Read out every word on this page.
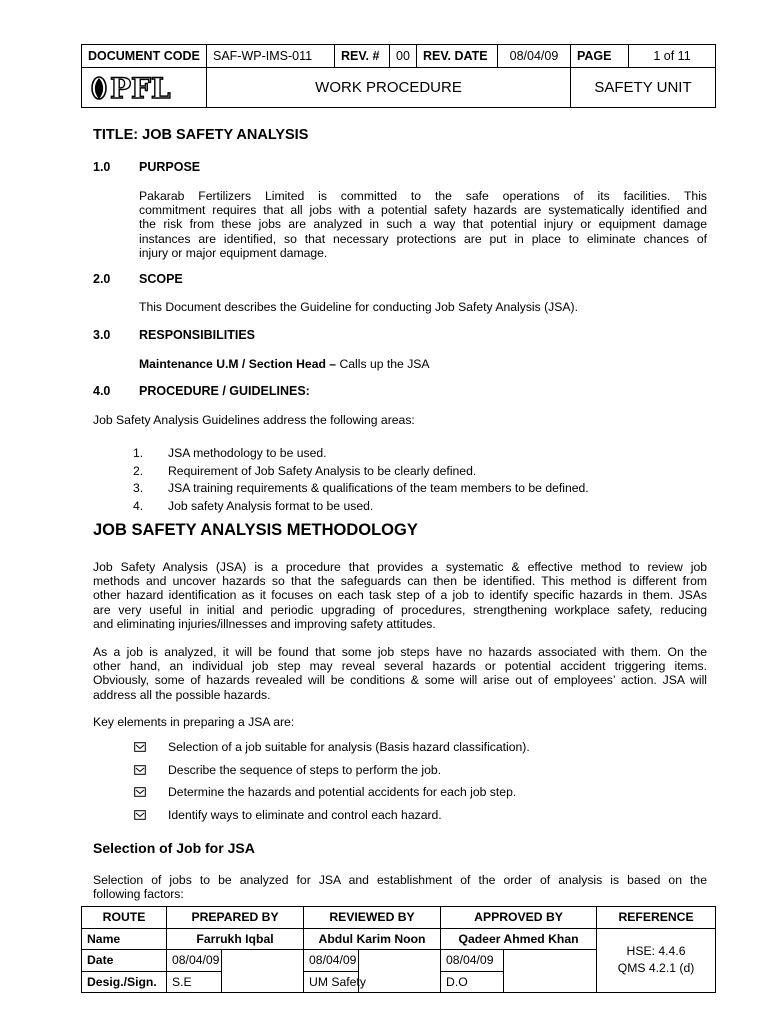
DOCUMENT CODE	SAF-WP-IMS-011	REV. #	00	REV. DATE	08/04/09	PAGE	1 of 11

PFL	WORK PROCEDURE					SAFETY UNIT	
TITLE: JOB SAFETY ANALYSIS
1.0 PURPOSE
Pakarab Fertilizers Limited is committed to the safe operations of its facilities. This
commitment requires that all jobs with a potential safety hazards are systematically identified and
the risk from these jobs are analyzed in such a way that potential injury or equipment damage
instances are identified, so that necessary protections are put in place to eliminate chances of
injury or major equipment damage.
2.0 SCOPE
This Document describes the Guideline for conducting Job Safety Analysis (JSA).
3.0 RESPONSIBILITIES
Maintenance U.M / Section Head – Calls up the JSA
4.0 PROCEDURE / GUIDELINES:
Job Safety Analysis Guidelines address the following areas:
1.	JSA methodology to be used.
2.	Requirement of Job Safety Analysis to be clearly defined.
3.	JSA training requirements & qualifications of the team members to be defined.
4.	Job safety Analysis format to be used.
JOB SAFETY ANALYSIS METHODOLOGY
Job Safety Analysis (JSA) is a procedure that provides a systematic & effective method to review job
methods and uncover hazards so that the safeguards can then be identified. This method is different from
other hazard identification as it focuses on each task step of a job to identify specific hazards in them. JSAs
are very useful in initial and periodic upgrading of procedures, strengthening workplace safety, reducing
and eliminating injuries/illnesses and improving safety attitudes.
As a job is analyzed, it will be found that some job steps have no hazards associated with them. On the
other hand, an individual job step may reveal several hazards or potential accident triggering items.
Obviously, some of hazards revealed will be conditions & some will arise out of employees’ action. JSA will
address all the possible hazards.
Key elements in preparing a JSA are:
Selection of a job suitable for analysis (Basis hazard classification).
Describe the sequence of steps to perform the job.
Determine the hazards and potential accidents for each job step.
Identify ways to eliminate and control each hazard.
Selection of Job for JSA
Selection of jobs to be analyzed for JSA and establishment of the order of analysis is based on the
following factors:
ROUTE	PREPARED BY		REVIEWED BY		APPROVED BY		REFERENCE
Name	Farrukh Iqbal		Abdul Karim Noon		Qadeer Ahmed Khan		HSE: 4.4.6
QMS 4.2.1 (d)

Date	08/04/09		08/04/09		08/04/09		
Desig./Sign.	S.E		UM Safety		D.O		
